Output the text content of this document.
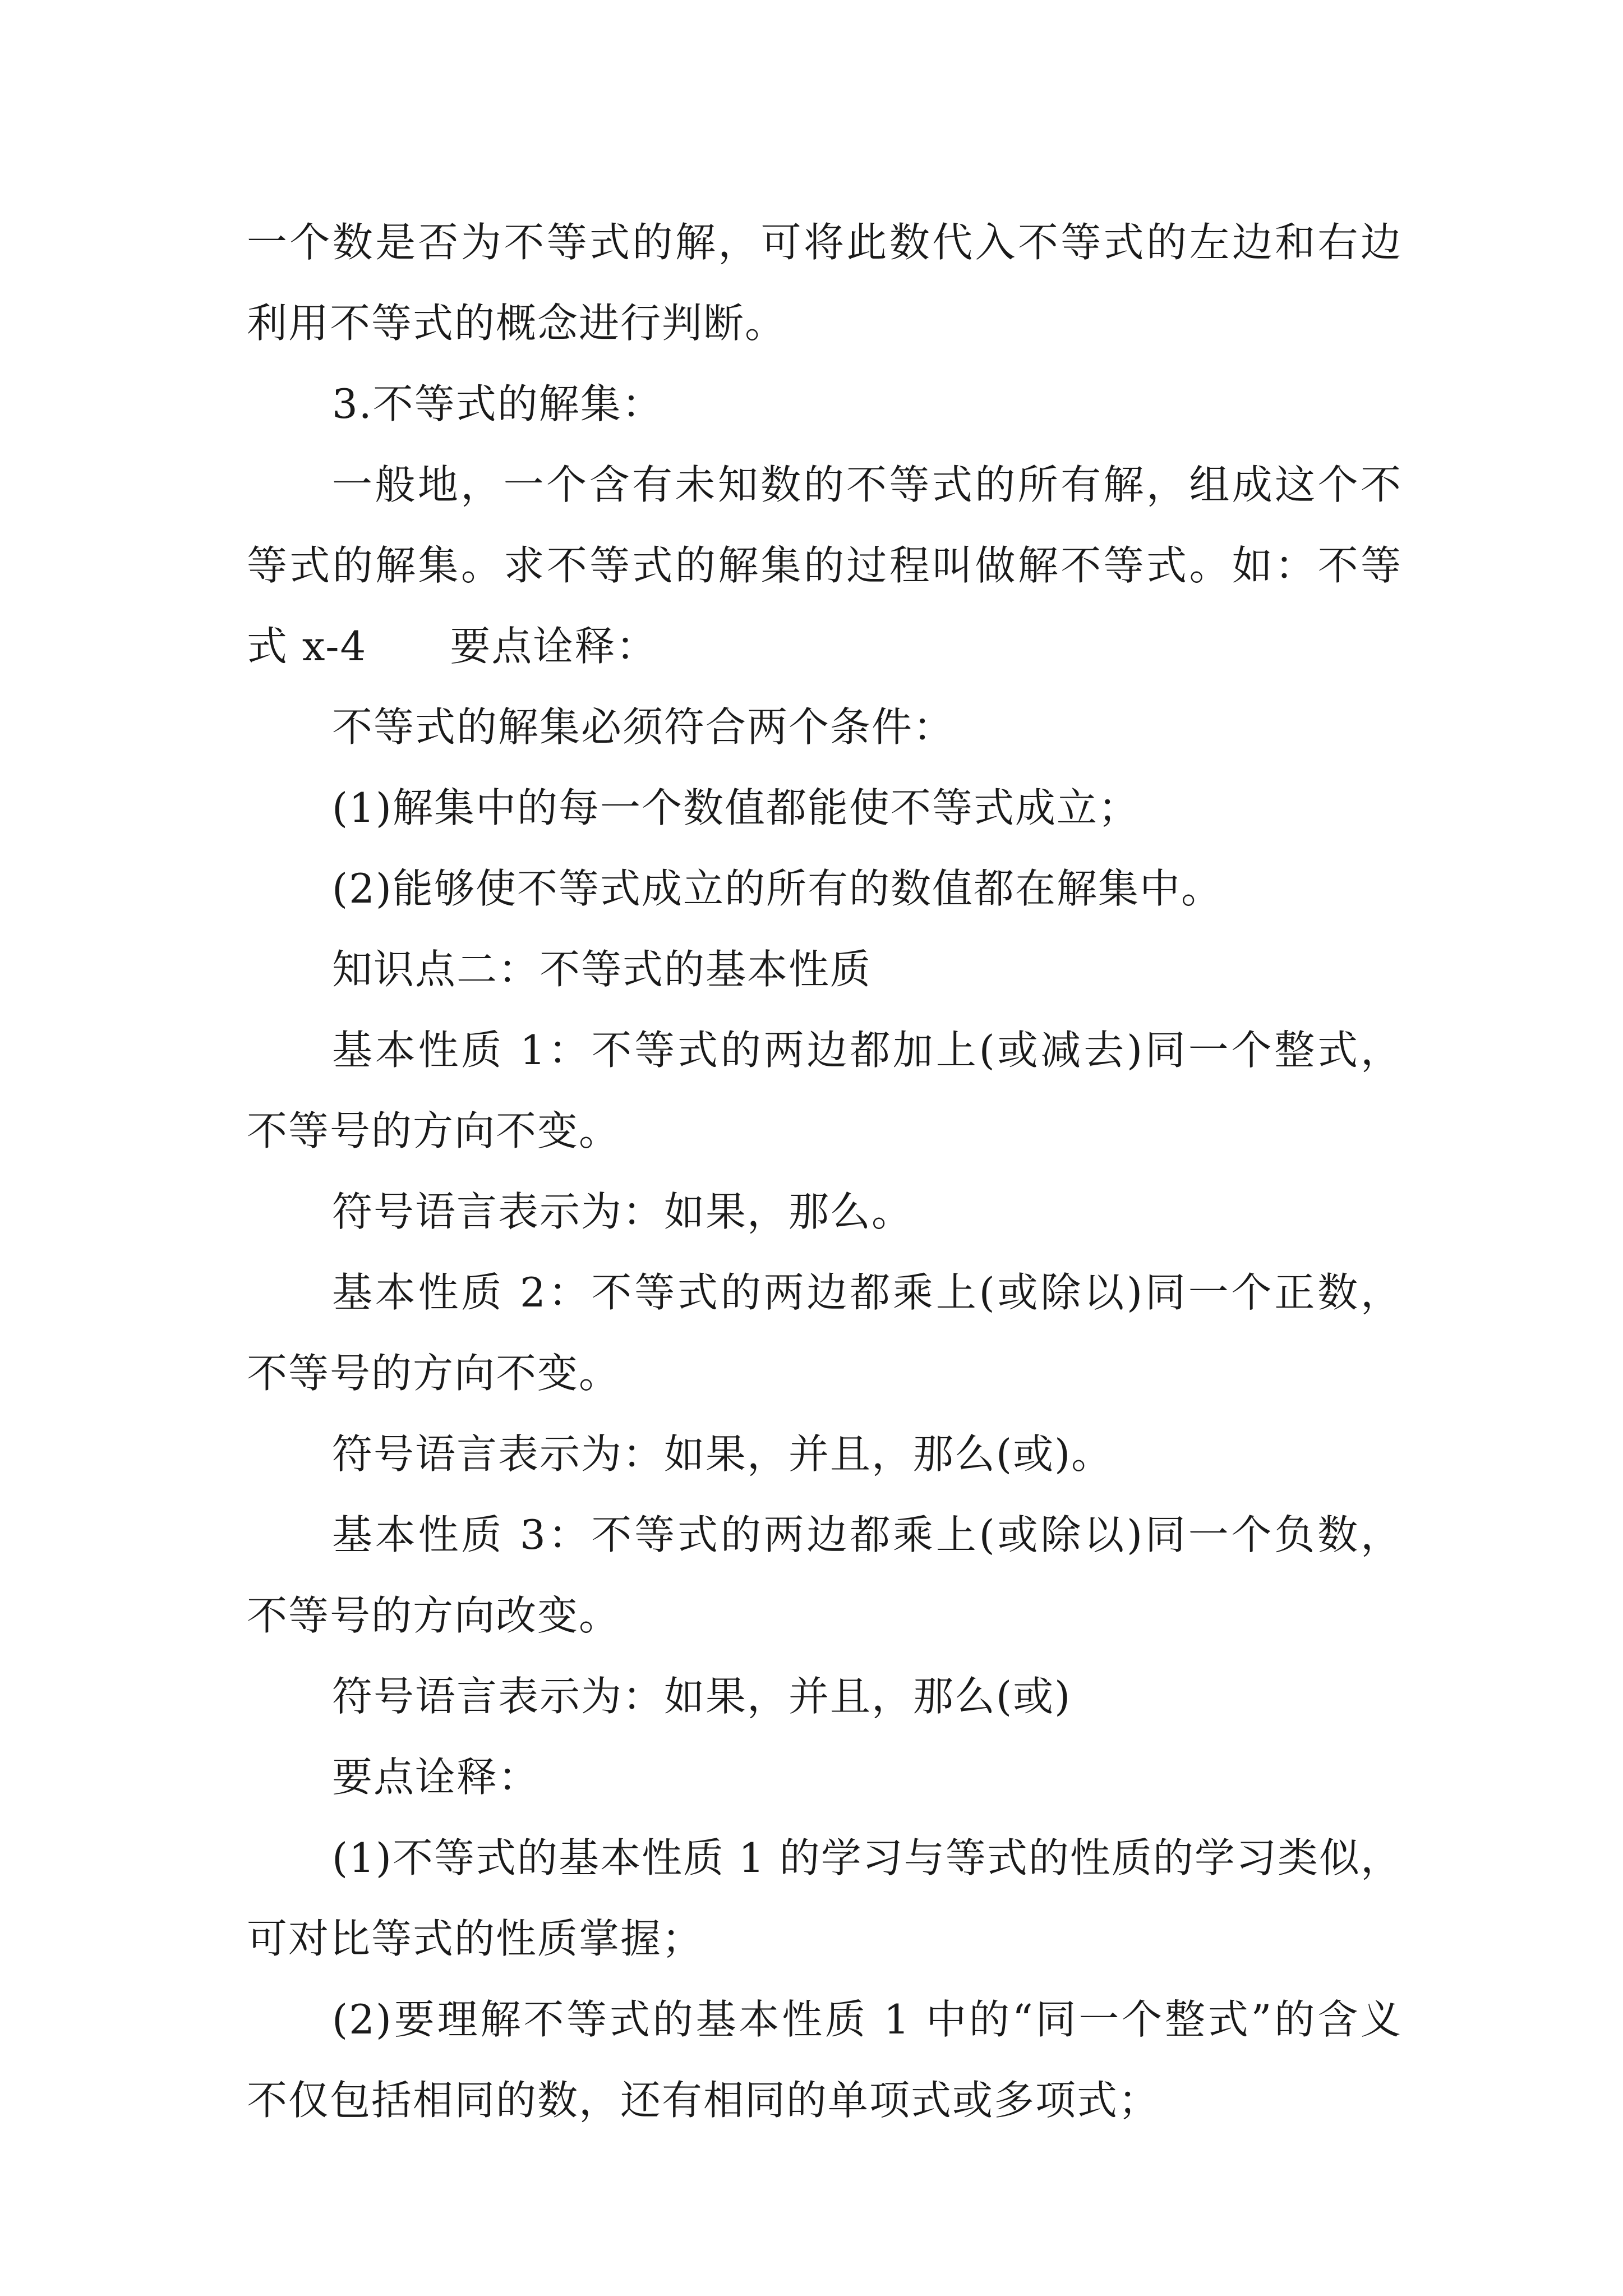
一个数是否为不等式的解，可将此数代入不等式的左边和右边利用不等式的概念进行判断。

3.不等式的解集：

一般地，一个含有未知数的不等式的所有解，组成这个不等式的解集。求不等式的解集的过程叫做解不等式。如：不等式 x-4　　要点诠释：

不等式的解集必须符合两个条件：

(1)解集中的每一个数值都能使不等式成立；

(2)能够使不等式成立的所有的数值都在解集中。

知识点二：不等式的基本性质

基本性质 1：不等式的两边都加上(或减去)同一个整式，不等号的方向不变。

符号语言表示为：如果，那么。

基本性质 2：不等式的两边都乘上(或除以)同一个正数，不等号的方向不变。

符号语言表示为：如果，并且，那么(或)。

基本性质 3：不等式的两边都乘上(或除以)同一个负数，不等号的方向改变。

符号语言表示为：如果，并且，那么(或)

要点诠释：

(1)不等式的基本性质 1 的学习与等式的性质的学习类似，可对比等式的性质掌握；

(2)要理解不等式的基本性质 1 中的“同一个整式”的含义不仅包括相同的数，还有相同的单项式或多项式；
